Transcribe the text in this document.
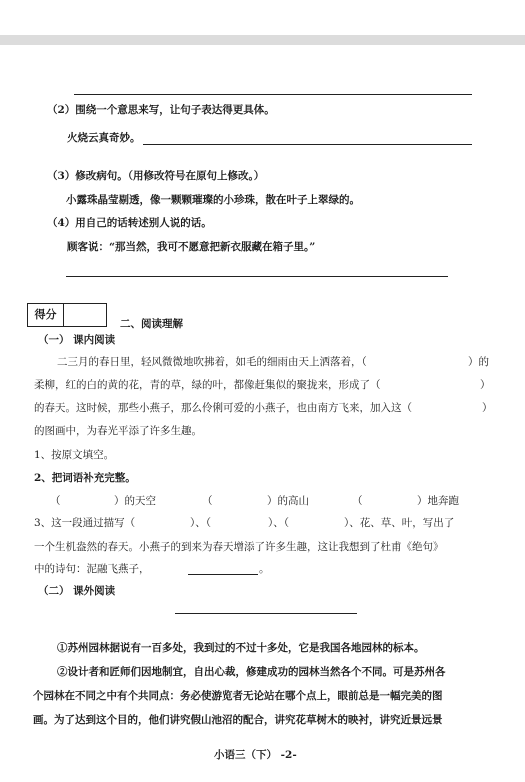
（2）围绕一个意思来写，让句子表达得更具体。
火烧云真奇妙。
（3）修改病句。（用修改符号在原句上修改。）
小露珠晶莹剔透，像一颗颗璀璨的小珍珠，散在叶子上翠绿的。
（4）用自己的话转述别人说的话。
顾客说：“那当然，我可不愿意把新衣服藏在箱子里。”
得分
二、阅读理解
（一） 课内阅读
二三月的春日里，轻风微微地吹拂着，如毛的细雨由天上洒落着，（	）的
柔柳，红的白的黄的花，青的草，绿的叶，都像赶集似的聚拢来，形成了（	）
的春天。这时候，那些小燕子，那么伶俐可爱的小燕子，也由南方飞来，加入这（	）
的图画中，为春光平添了许多生趣。
1、按原文填空。
2、把词语补充完整。
（	）的天空	（	）的高山	（	）地奔跑
3、这一段通过描写（	）、（	）、（	）、花、草、叶，写出了
一个生机盎然的春天。小燕子的到来为春天增添了许多生趣，这让我想到了杜甫《绝句》
中的诗句：泥融飞燕子，	。
（二） 课外阅读
①苏州园林据说有一百多处，我到过的不过十多处，它是我国各地园林的标本。
②设计者和匠师们因地制宜，自出心裁，修建成功的园林当然各个不同。可是苏州各
个园林在不同之中有个共同点：务必使游览者无论站在哪个点上，眼前总是一幅完美的图
画。为了达到这个目的，他们讲究假山池沼的配合，讲究花草树木的映衬，讲究近景远景
小语三（下） -2-
